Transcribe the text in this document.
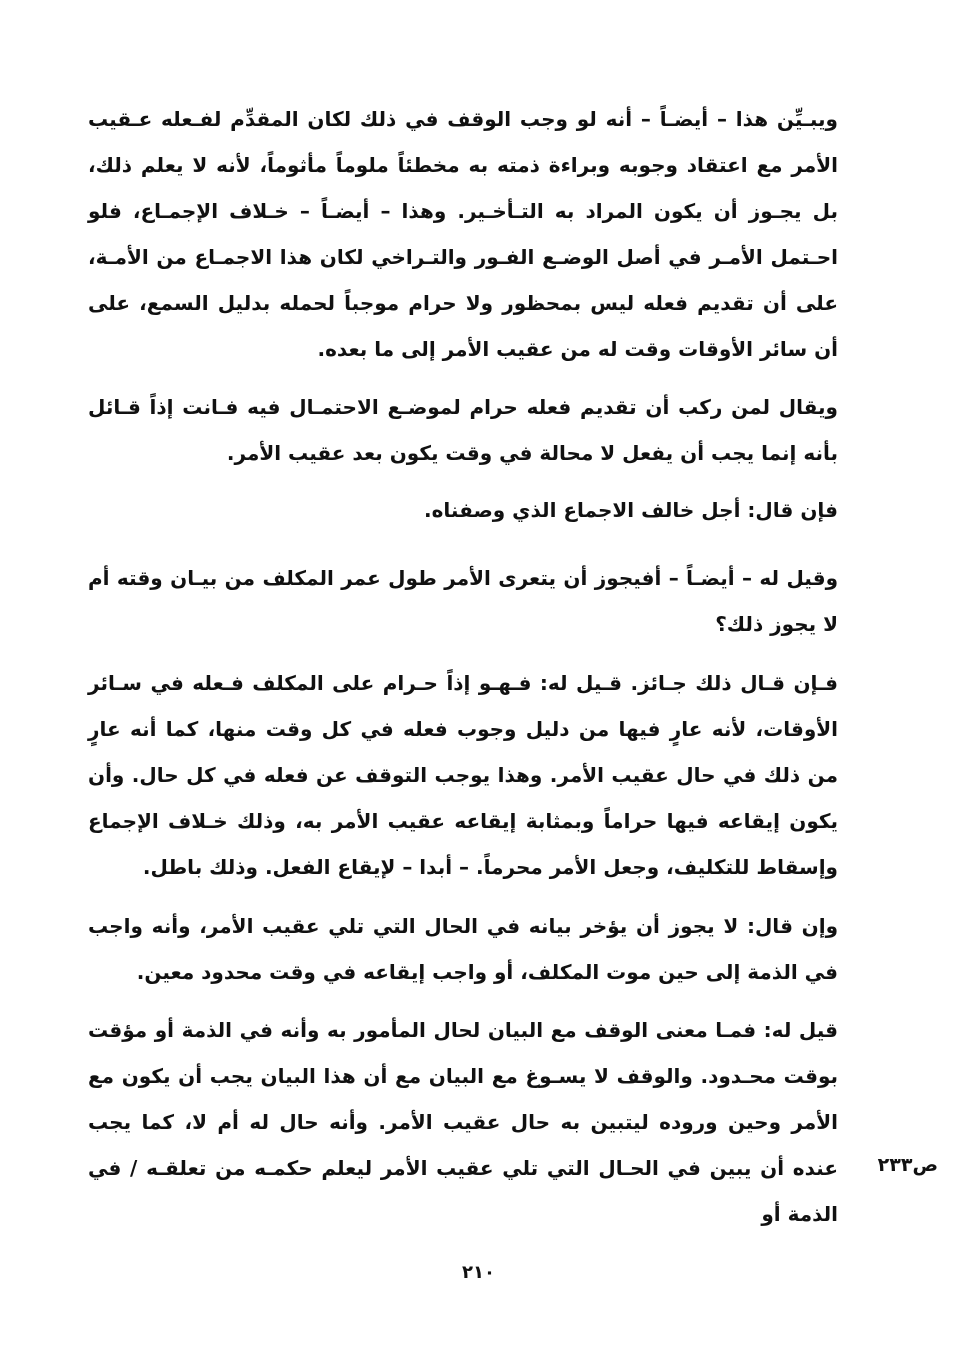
ويبـيِّن هذا – أيضـاً – أنه لو وجب الوقف في ذلك لكان المقدِّم لفـعله عـقيب الأمر مع اعتقاد وجوبه وبراءة ذمته به مخطئاً ملوماً مأثوماً، لأنه لا يعلم ذلك، بل يجـوز أن يكون المراد به التـأخـير. وهذا – أيضـاً – خـلاف الإجمـاع، فلو احـتمل الأمـر في أصل الوضـع الفـور والتـراخي لكان هذا الاجمـاع من الأمـة، على أن تقديم فعله ليس بمحظور ولا حرام موجباً لحمله بدليل السمع، على أن سائر الأوقات وقت له من عقيب الأمر إلى ما بعده.

ويقال لمن ركب أن تقديم فعله حرام لموضـع الاحتمـال فيه فـانت إذاً قـائل بأنه إنما يجب أن يفعل لا محالة في وقت يكون بعد عقيب الأمر.

فإن قال: أجل خالف الاجماع الذي وصفناه.

وقيل له – أيضـاً – أفيجوز أن يتعرى الأمر طول عمر المكلف من بيـان وقته أم لا يجوز ذلك؟

فـإن قـال ذلك جـائز. قـيل له: فـهـو إذاً حـرام على المكلف فـعله في سـائر الأوقات، لأنه عارٍ فيها من دليل وجوب فعله في كل وقت منها، كما أنه عارٍ من ذلك في حال عقيب الأمر. وهذا يوجب التوقف عن فعله في كل حال. وأن يكون إيقاعه فيها حراماً وبمثابة إيقاعه عقيب الأمر به، وذلك خـلاف الإجماع وإسقاط للتكليف، وجعل الأمر محرماً. – أبدا – لإيقاع الفعل. وذلك باطل.

وإن قال: لا يجوز أن يؤخر بيانه في الحال التي تلي عقيب الأمر، وأنه واجب في الذمة إلى حين موت المكلف، أو واجب إيقاعه في وقت محدود معين.

قيل له: فمـا معنى الوقف مع البيان لحال المأمور به وأنه في الذمة أو مؤقت بوقت محـدود. والوقف لا يسـوغ مع البيان مع أن هذا البيان يجب أن يكون مع الأمر وحين وروده ليتبين به حال عقيب الأمر. وأنه حال له أم لا، كما يجب عنده أن يبين في الحـال التي تلي عقيب الأمر ليعلم حكمـه من تعلقـه / في الذمة أو

ص٢٣٣
٢١٠
